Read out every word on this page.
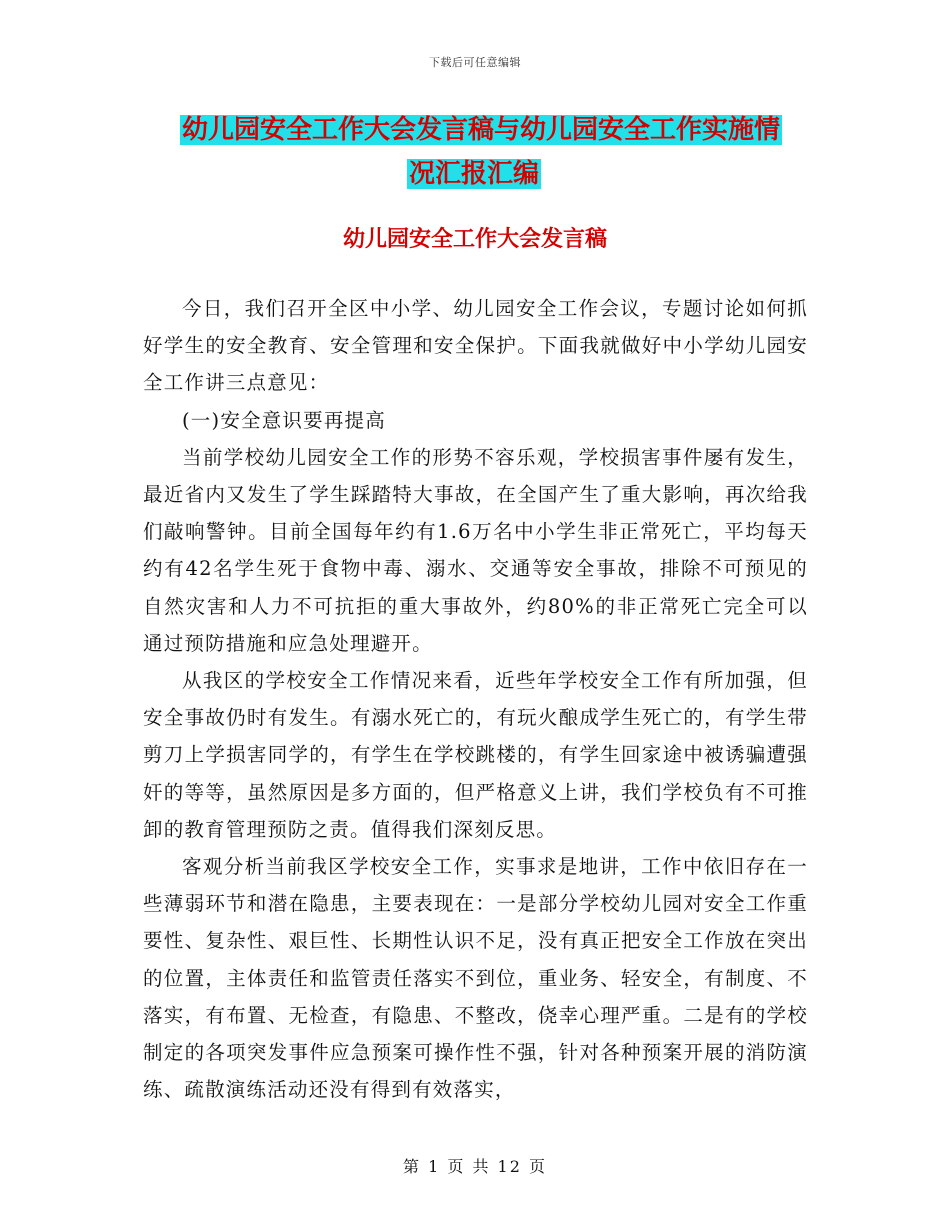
下载后可任意编辑
幼儿园安全工作大会发言稿与幼儿园安全工作实施情
况汇报汇编
幼儿园安全工作大会发言稿

今日，我们召开全区中小学、幼儿园安全工作会议，专题讨论如何抓好学生的安全教育、安全管理和安全保护。下面我就做好中小学幼儿园安全工作讲三点意见：

(一)安全意识要再提高

当前学校幼儿园安全工作的形势不容乐观，学校损害事件屡有发生，最近省内又发生了学生踩踏特大事故，在全国产生了重大影响，再次给我们敲响警钟。目前全国每年约有1.6万名中小学生非正常死亡，平均每天约有42名学生死于食物中毒、溺水、交通等安全事故，排除不可预见的自然灾害和人力不可抗拒的重大事故外，约80%的非正常死亡完全可以通过预防措施和应急处理避开。

从我区的学校安全工作情况来看，近些年学校安全工作有所加强，但安全事故仍时有发生。有溺水死亡的，有玩火酿成学生死亡的，有学生带剪刀上学损害同学的，有学生在学校跳楼的，有学生回家途中被诱骗遭强奸的等等，虽然原因是多方面的，但严格意义上讲，我们学校负有不可推卸的教育管理预防之责。值得我们深刻反思。

客观分析当前我区学校安全工作，实事求是地讲，工作中依旧存在一些薄弱环节和潜在隐患，主要表现在：一是部分学校幼儿园对安全工作重要性、复杂性、艰巨性、长期性认识不足，没有真正把安全工作放在突出的位置，主体责任和监管责任落实不到位，重业务、轻安全，有制度、不落实，有布置、无检查，有隐患、不整改，侥幸心理严重。二是有的学校制定的各项突发事件应急预案可操作性不强，针对各种预案开展的消防演练、疏散演练活动还没有得到有效落实，

第 1 页 共 12 页
